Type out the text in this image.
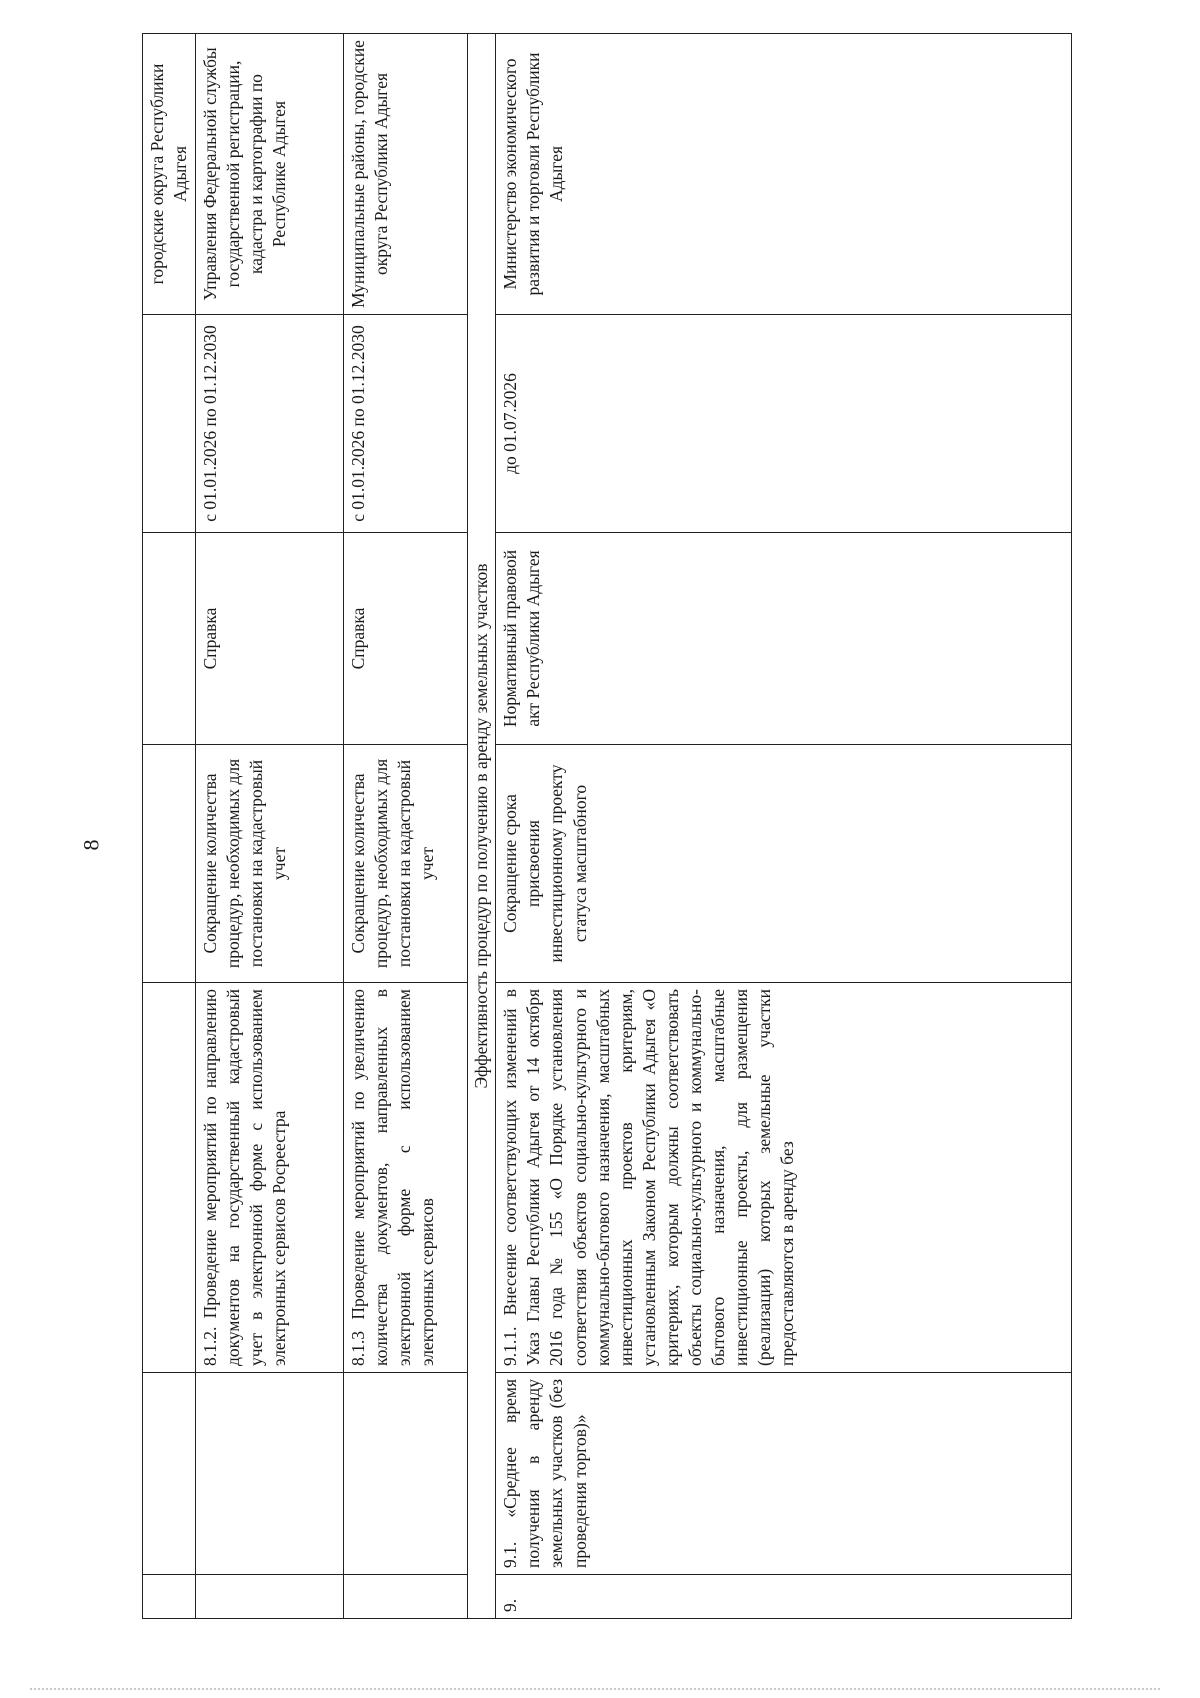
8
						городские округа Республики Адыгея
		8.1.2. Проведение мероприятий по направлению документов на государственный кадастровый учет в электронной форме с использованием электронных сервисов Росреестра	Сокращение количества процедур, необходимых для постановки на кадастровый учет	Справка	с 01.01.2026 по 01.12.2030	Управления Федеральной службы государственной регистрации, кадастра и картографии по Республике Адыгея
		8.1.3 Проведение мероприятий по увеличению количества документов, направленных в электронной форме с использованием электронных сервисов	Сокращение количества процедур, необходимых для постановки на кадастровый учет	Справка	с 01.01.2026 по 01.12.2030	Муниципальные районы, городские округа Республики Адыгея
Эффективность процедур по получению в аренду земельных участков						
9.	9.1. «Среднее время получения в аренду земельных участков (без проведения торгов)»	9.1.1. Внесение соответствующих изменений в Указ Главы Республики Адыгея от 14 октября 2016 года № 155 «О Порядке установления соответствия объектов социально-культурного и коммунально-бытового назначения, масштабных инвестиционных проектов критериям, установленным Законом Республики Адыгея «О критериях, которым должны соответствовать объекты социально-культурного и коммунально-бытового назначения, масштабные инвестиционные проекты, для размещения (реализации) которых земельные участки предоставляются в аренду без	Сокращение срока присвоения инвестиционному проекту статуса масштабного	Нормативный правовой акт Республики Адыгея	до 01.07.2026	Министерство экономического развития и торговли Республики Адыгея
